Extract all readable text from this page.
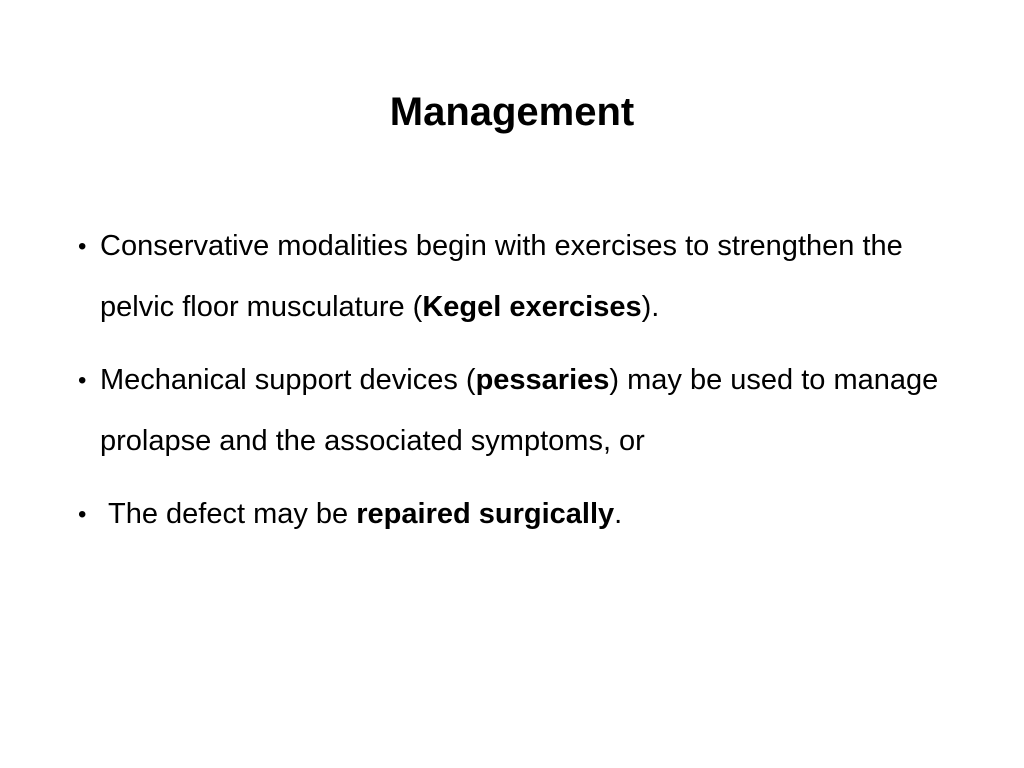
Management
• Conservative modalities begin with exercises to strengthen the pelvic floor musculature (Kegel exercises).
• Mechanical support devices (pessaries) may be used to manage prolapse and the associated symptoms, or
• The defect may be repaired surgically.
